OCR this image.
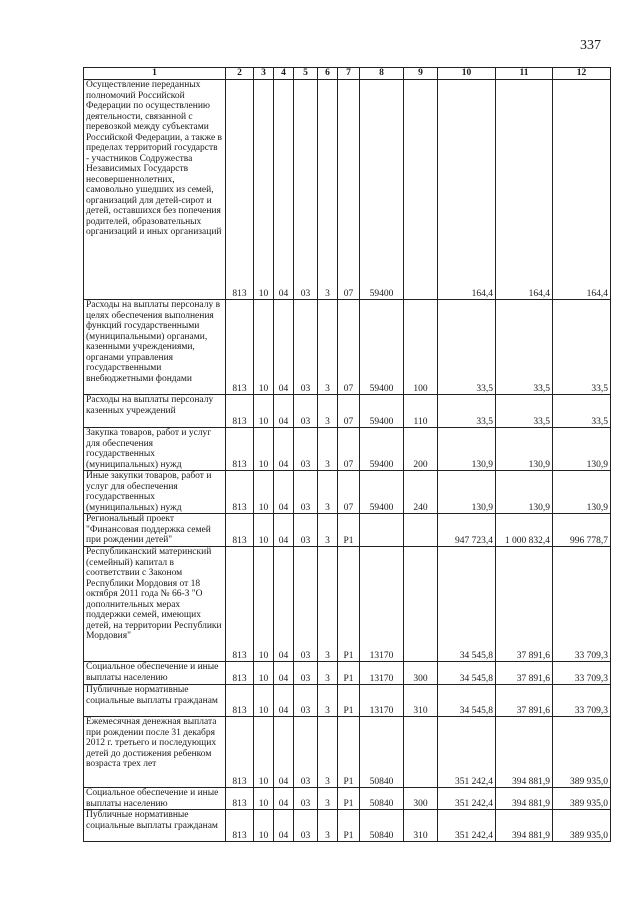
337
1	2	3	4	5	6	7	8	9	10	11	12
Осуществление переданных полномочий Российской Федерации по осуществлению деятельности, связанной с перевозкой между субъектами Российской Федерации, а также в пределах территорий государств - участников Содружества Независимых Государств несовершеннолетних, самовольно ушедших из семей, организаций для детей-сирот и детей, оставшихся без попечения родителей, образовательных организаций и иных организаций	813	10	04	03	3	07	59400		164,4	164,4	164,4
Расходы на выплаты персоналу в целях обеспечения выполнения функций государственными (муниципальными) органами, казенными учреждениями, органами управления государственными внебюджетными фондами	813	10	04	03	3	07	59400	100	33,5	33,5	33,5
Расходы на выплаты персоналу казенных учреждений	813	10	04	03	3	07	59400	110	33,5	33,5	33,5
Закупка товаров, работ и услуг для обеспечения государственных (муниципальных) нужд	813	10	04	03	3	07	59400	200	130,9	130,9	130,9
Иные закупки товаров, работ и услуг для обеспечения государственных (муниципальных) нужд	813	10	04	03	3	07	59400	240	130,9	130,9	130,9
Региональный проект "Финансовая поддержка семей при рождении детей"	813	10	04	03	3	P1			947 723,4	1 000 832,4	996 778,7
Республиканский материнский (семейный) капитал в соответствии с Законом Республики Мордовия от 18 октября 2011 года № 66-З "О дополнительных мерах поддержки семей, имеющих детей, на территории Республики Мордовия"	813	10	04	03	3	P1	13170		34 545,8	37 891,6	33 709,3
Социальное обеспечение и иные выплаты населению	813	10	04	03	3	P1	13170	300	34 545,8	37 891,6	33 709,3
Публичные нормативные социальные выплаты гражданам	813	10	04	03	3	P1	13170	310	34 545,8	37 891,6	33 709,3
Ежемесячная денежная выплата при рождении после 31 декабря 2012 г. третьего и последующих детей до достижения ребенком возраста трех лет	813	10	04	03	3	P1	50840		351 242,4	394 881,9	389 935,0
Социальное обеспечение и иные выплаты населению	813	10	04	03	3	P1	50840	300	351 242,4	394 881,9	389 935,0
Публичные нормативные социальные выплаты гражданам	813	10	04	03	3	P1	50840	310	351 242,4	394 881,9	389 935,0
